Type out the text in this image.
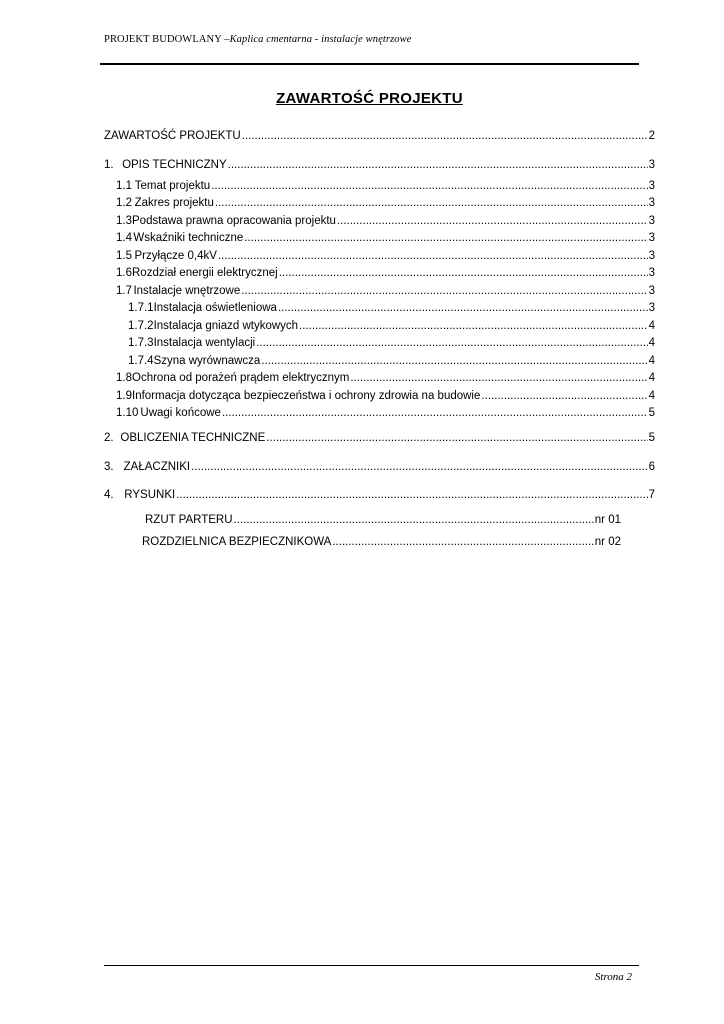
PROJEKT BUDOWLANY –Kaplica cmentarna - instalacje wnętrzowe
ZAWARTOŚĆ PROJEKTU
ZAWARTOŚĆ PROJEKTU .....	2
1. OPIS TECHNICZNY .....	3
1.1 Temat projektu .....	3
1.2 Zakres projektu .....	3
1.3 Podstawa prawna opracowania projektu .....	3
1.4 Wskaźniki techniczne .....	3
1.5 Przyłącze 0,4kV .....	3
1.6 Rozdział energii elektrycznej .....	3
1.7 Instalacje wnętrzowe .....	3
1.7.1 Instalacja oświetleniowa .....	3
1.7.2 Instalacja gniazd wtykowych .....	4
1.7.3 Instalacja wentylacji .....	4
1.7.4 Szyna wyrównawcza .....	4
1.8 Ochrona od porażeń prądem elektrycznym .....	4
1.9 Informacja dotycząca bezpieczeństwa i ochrony zdrowia na budowie .....	4
1.10 Uwagi końcowe .....	5
2. OBLICZENIA TECHNICZNE .....	5
3. ZAŁACZNIKI .....	6
4. RYSUNKI .....	7
RZUT PARTERU .....	nr 01
ROZDZIELNICA BEZPIECZNIKOWA .....	nr 02
Strona 2
